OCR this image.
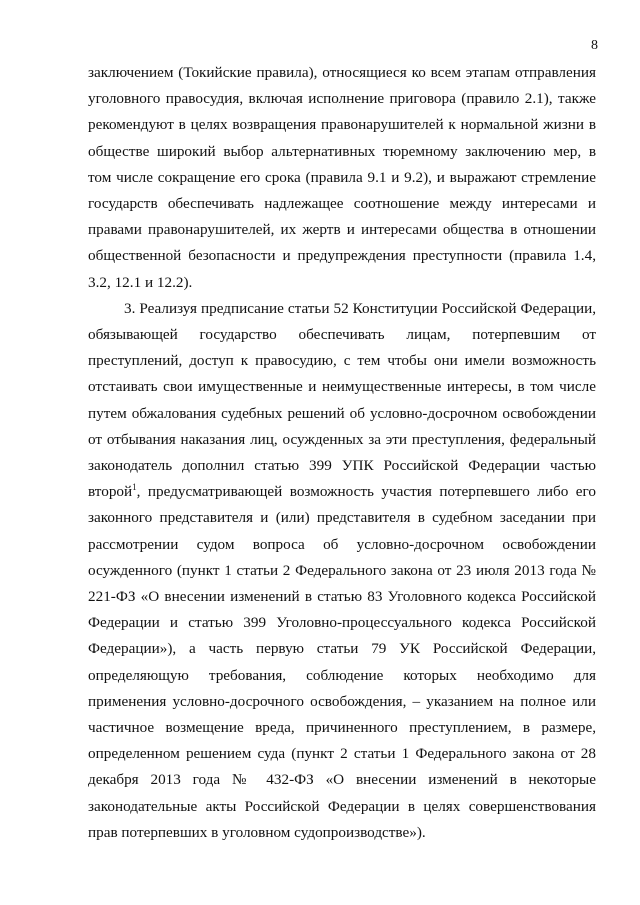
8

заключением (Токийские правила), относящиеся ко всем этапам отправления уголовного правосудия, включая исполнение приговора (правило 2.1), также рекомендуют в целях возвращения правонарушителей к нормальной жизни в обществе широкий выбор альтернативных тюремному заключению мер, в том числе сокращение его срока (правила 9.1 и 9.2), и выражают стремление государств обеспечивать надлежащее соотношение между интересами и правами правонарушителей, их жертв и интересами общества в отношении общественной безопасности и предупреждения преступности (правила 1.4, 3.2, 12.1 и 12.2).

3. Реализуя предписание статьи 52 Конституции Российской Федерации, обязывающей государство обеспечивать лицам, потерпевшим от преступлений, доступ к правосудию, с тем чтобы они имели возможность отстаивать свои имущественные и неимущественные интересы, в том числе путем обжалования судебных решений об условно-досрочном освобождении от отбывания наказания лиц, осужденных за эти преступления, федеральный законодатель дополнил статью 399 УПК Российской Федерации частью второй$^1$, предусматривающей возможность участия потерпевшего либо его законного представителя и (или) представителя в судебном заседании при рассмотрении судом вопроса об условно-досрочном освобождении осужденного (пункт 1 статьи 2 Федерального закона от 23 июля 2013 года № 221-ФЗ «О внесении изменений в статью 83 Уголовного кодекса Российской Федерации и статью 399 Уголовно-процессуального кодекса Российской Федерации»), а часть первую статьи 79 УК Российской Федерации, определяющую требования, соблюдение которых необходимо для применения условно-досрочного освобождения, – указанием на полное или частичное возмещение вреда, причиненного преступлением, в размере, определенном решением суда (пункт 2 статьи 1 Федерального закона от 28 декабря 2013 года № 432-ФЗ «О внесении изменений в некоторые законодательные акты Российской Федерации в целях совершенствования прав потерпевших в уголовном судопроизводстве»).
